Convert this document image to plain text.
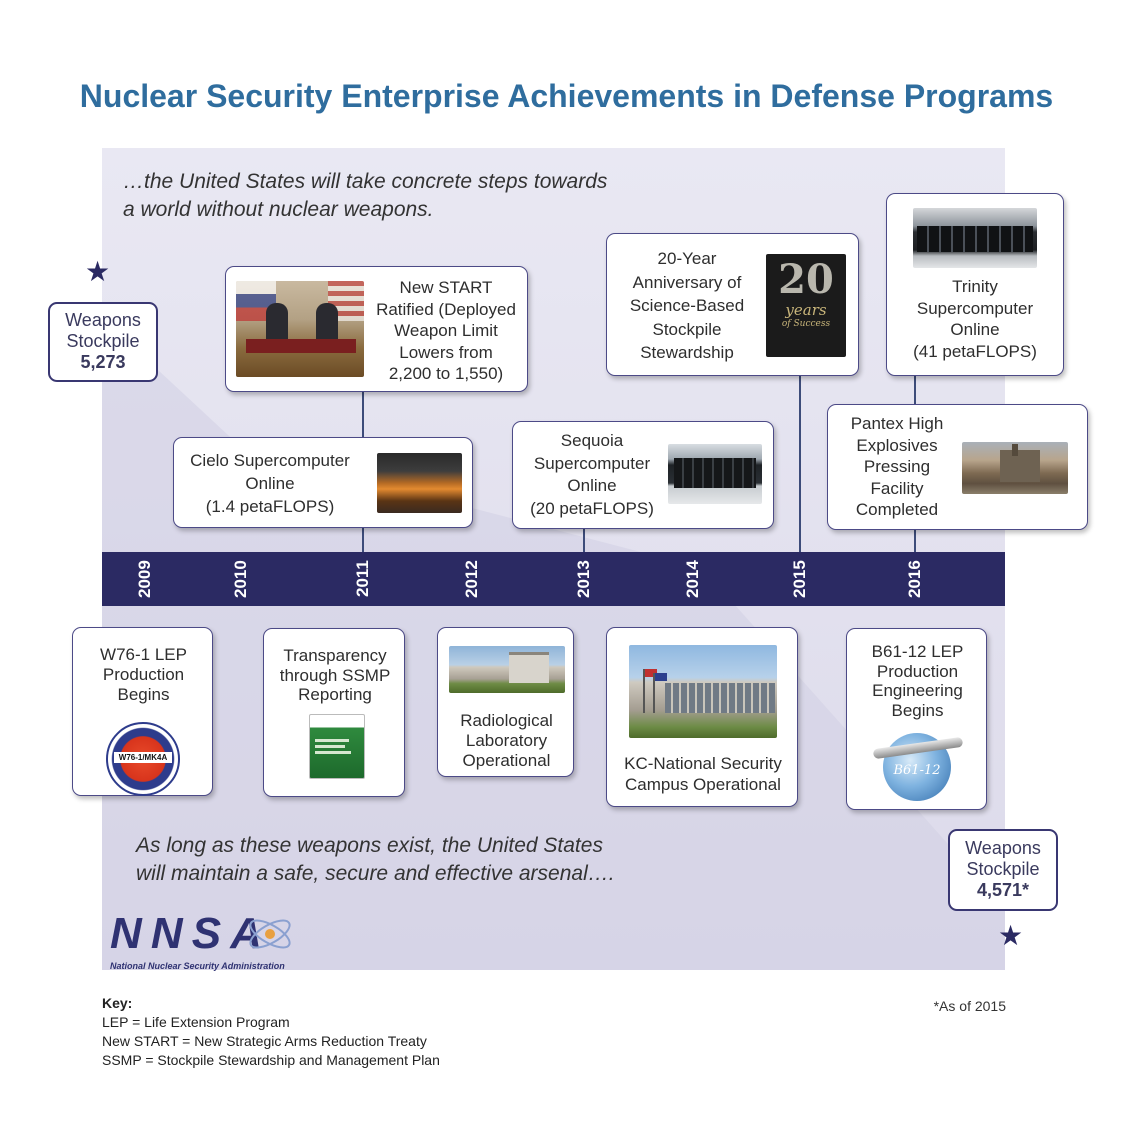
Nuclear Security Enterprise Achievements in Defense Programs
…the United States will take concrete steps towards
a world without nuclear weapons.
2009	2010	2011	2012	2013	2014	2015	2016
★
Weapons
Stockpile
5,273
New START
Ratified (Deployed
Weapon Limit
Lowers from
2,200 to 1,550)
Cielo Supercomputer
Online
(1.4 petaFLOPS)
Sequoia
Supercomputer
Online
(20 petaFLOPS)
20-Year
Anniversary of
Science-Based
Stockpile
Stewardship
20
years
of Success
Trinity
Supercomputer
Online
(41 petaFLOPS)
Pantex High
Explosives
Pressing
Facility
Completed
W76-1 LEP
Production
Begins
W76-1/MK4A
Transparency
through SSMP
Reporting
Radiological
Laboratory
Operational	KC-National Security
Campus Operational
B61-12 LEP
Production
Engineering
Begins
B61-12
As long as these weapons exist, the United States
will maintain a safe, secure and effective arsenal….
Weapons
Stockpile
4,571*
★
NNSA
National Nuclear Security Administration
Key:
LEP = Life Extension Program
New START = New Strategic Arms Reduction Treaty
SSMP = Stockpile Stewardship and Management Plan
*As of 2015
